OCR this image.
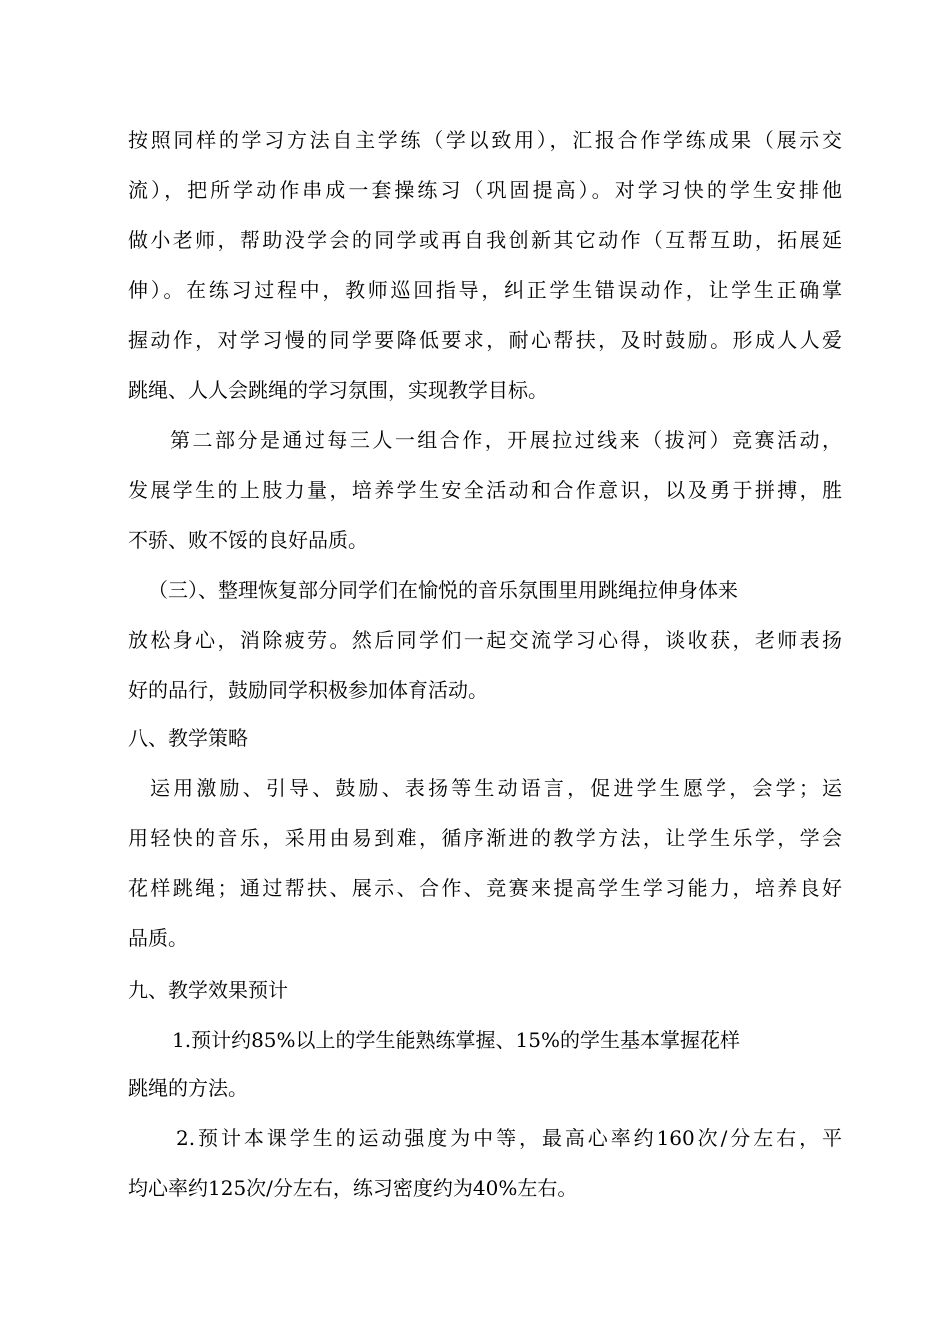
按照同样的学习方法自主学练（学以致用），汇报合作学练成果（展示交
流），把所学动作串成一套操练习（巩固提高）。对学习快的学生安排他
做小老师，帮助没学会的同学或再自我创新其它动作（互帮互助，拓展延
伸）。在练习过程中，教师巡回指导，纠正学生错误动作，让学生正确掌
握动作，对学习慢的同学要降低要求，耐心帮扶，及时鼓励。形成人人爱
跳绳、人人会跳绳的学习氛围，实现教学目标。
第二部分是通过每三人一组合作，开展拉过线来（拔河）竞赛活动，
发展学生的上肢力量，培养学生安全活动和合作意识，以及勇于拼搏，胜
不骄、败不馁的良好品质。
（三）、整理恢复部分同学们在愉悦的音乐氛围里用跳绳拉伸身体来
放松身心，消除疲劳。然后同学们一起交流学习心得，谈收获，老师表扬
好的品行，鼓励同学积极参加体育活动。
八、教学策略
运用激励、引导、鼓励、表扬等生动语言，促进学生愿学，会学；运
用轻快的音乐，采用由易到难，循序渐进的教学方法，让学生乐学，学会
花样跳绳；通过帮扶、展示、合作、竞赛来提高学生学习能力，培养良好
品质。
九、教学效果预计
1.预计约85%以上的学生能熟练掌握、15%的学生基本掌握花样
跳绳的方法。
2.预计本课学生的运动强度为中等，最高心率约160次/分左右，平
均心率约125次/分左右，练习密度约为40%左右。
